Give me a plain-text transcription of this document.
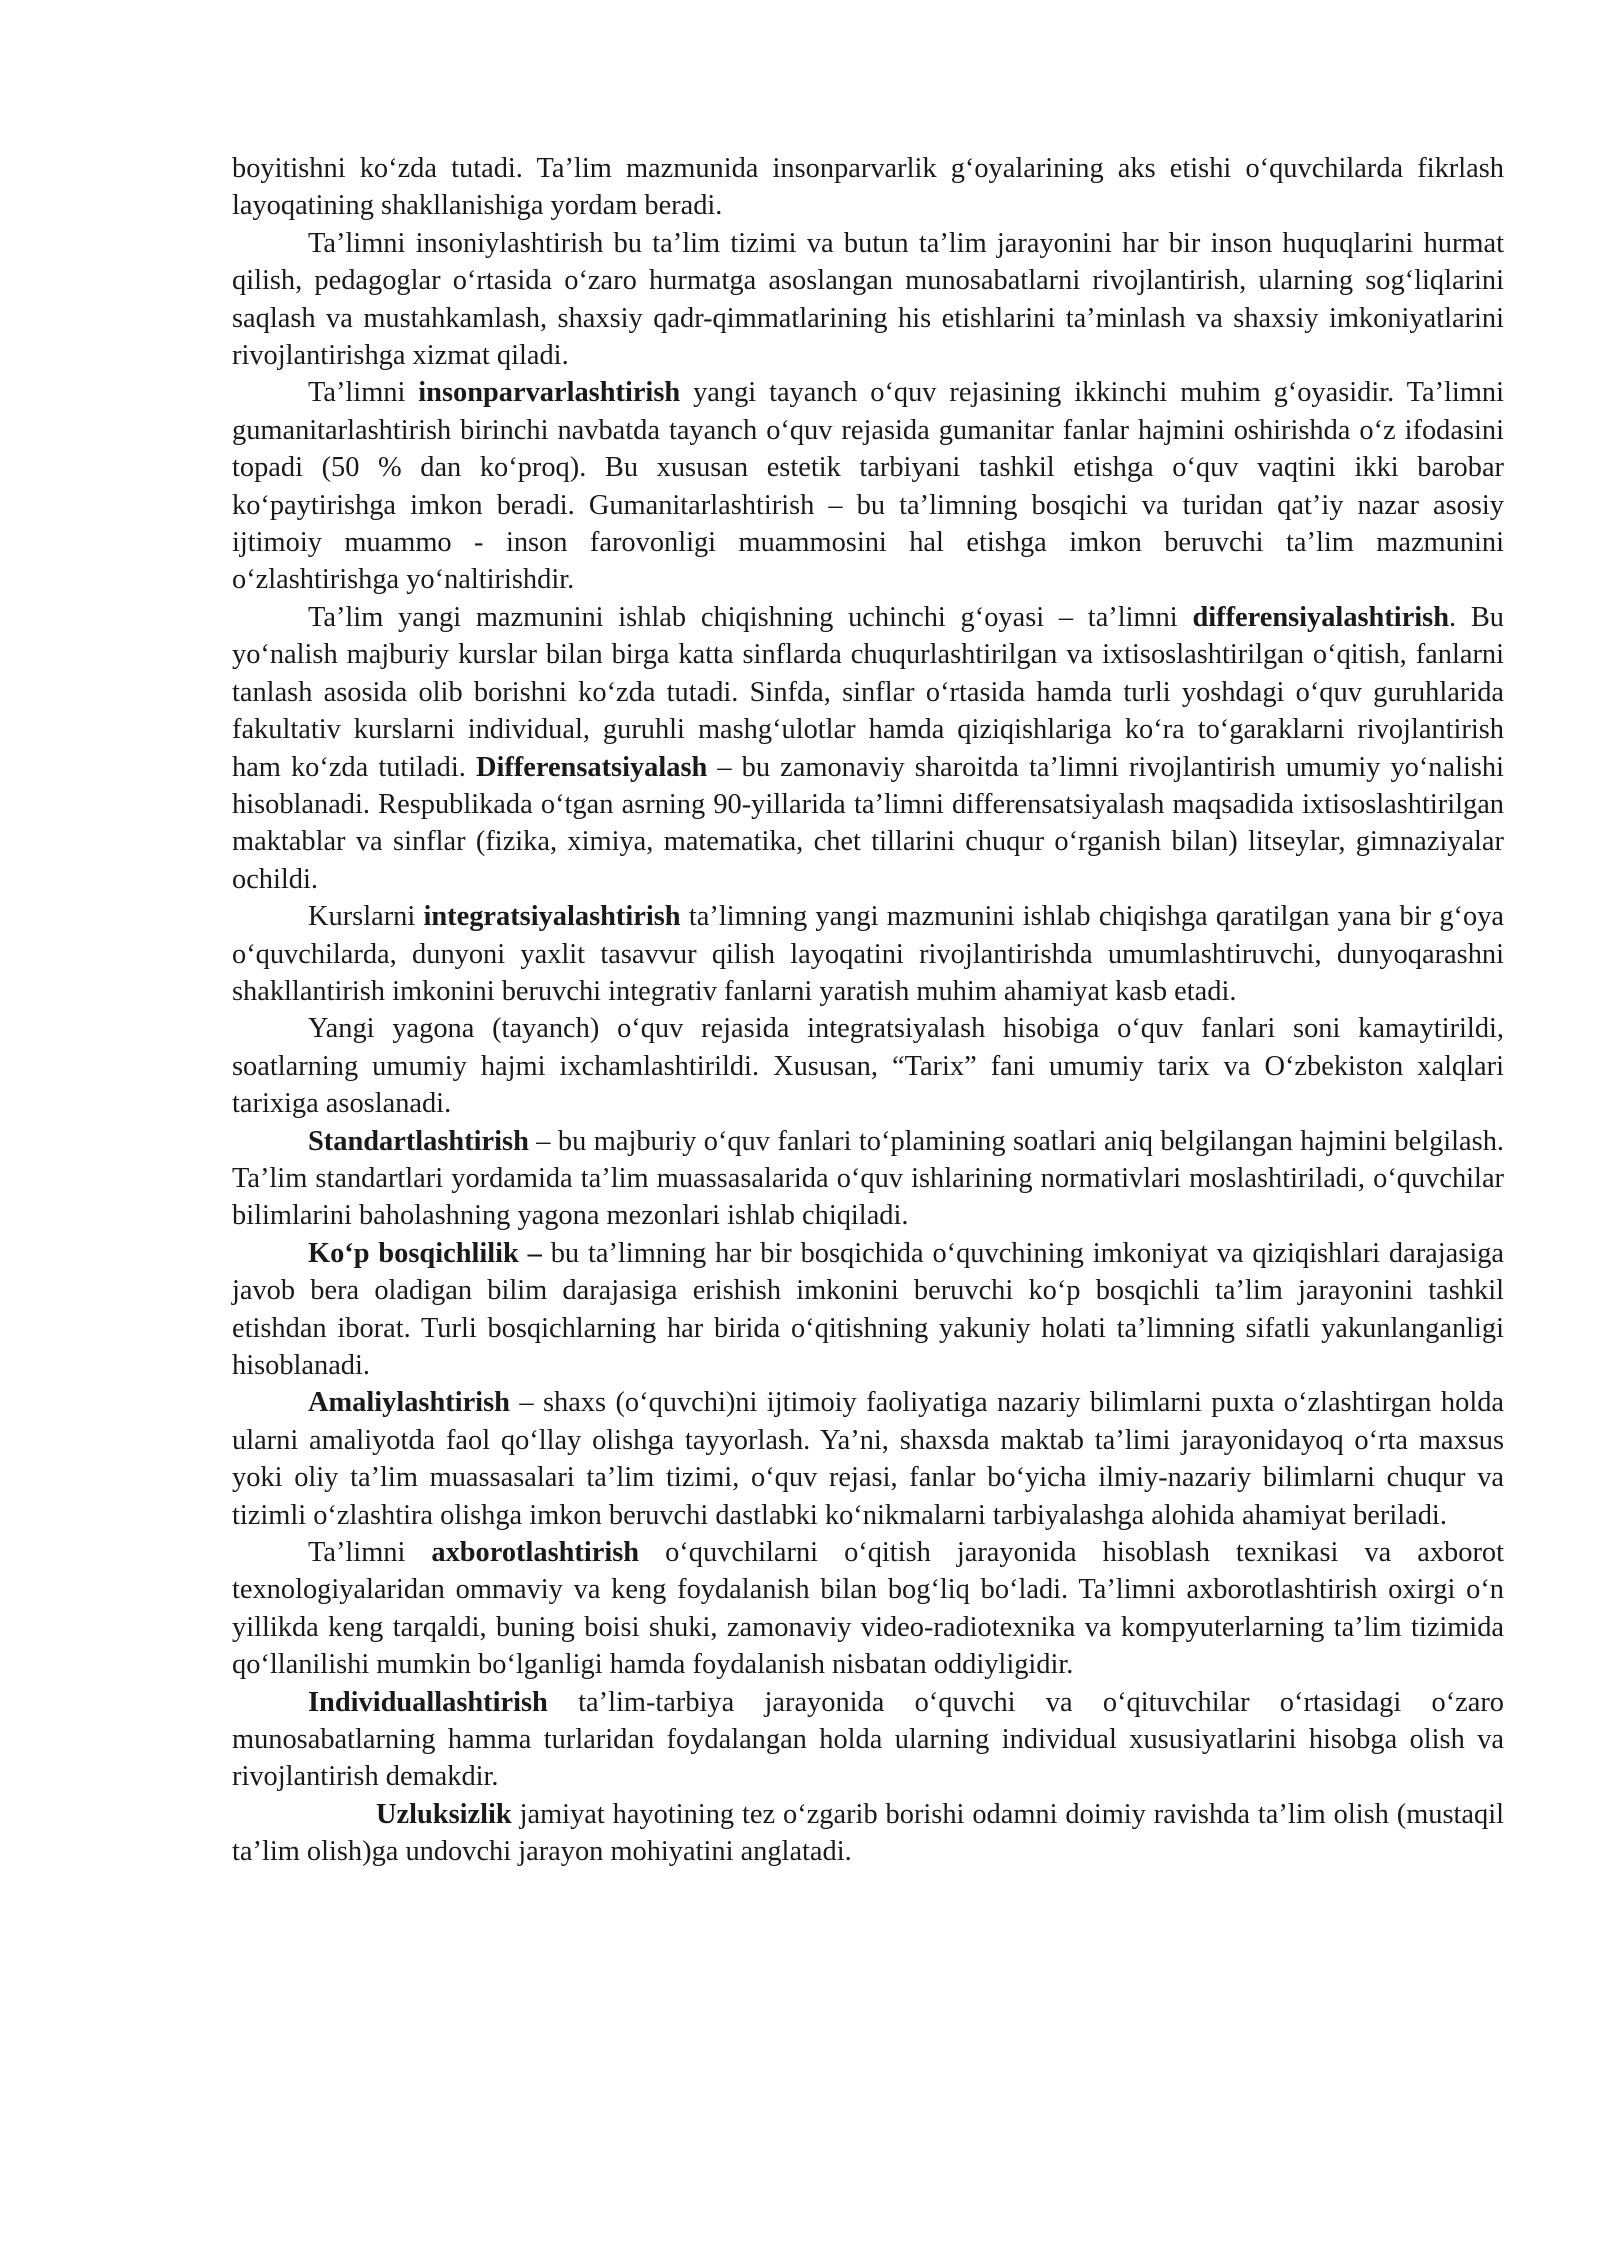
boyitishni ko‘zda tutadi. Ta’lim mazmunida insonparvarlik g‘oyalarining aks etishi o‘quvchilarda fikrlash layoqatining shakllanishiga yordam beradi.

Ta’limni insoniylashtirish bu ta’lim tizimi va butun ta’lim jarayonini har bir inson huquqlarini hurmat qilish, pedagoglar o‘rtasida o‘zaro hurmatga asoslangan munosabatlarni rivojlantirish, ularning sog‘liqlarini saqlash va mustahkamlash, shaxsiy qadr-qimmatlarining his etishlarini ta’minlash va shaxsiy imkoniyatlarini rivojlantirishga xizmat qiladi.

Ta’limni insonparvarlashtirish yangi tayanch o‘quv rejasining ikkinchi muhim g‘oyasidir. Ta’limni gumanitarlashtirish birinchi navbatda tayanch o‘quv rejasida gumanitar fanlar hajmini oshirishda o‘z ifodasini topadi (50 % dan ko‘proq). Bu xususan estetik tarbiyani tashkil etishga o‘quv vaqtini ikki barobar ko‘paytirishga imkon beradi. Gumanitarlashtirish – bu ta’limning bosqichi va turidan qat’iy nazar asosiy ijtimoiy muammo - inson farovonligi muammosini hal etishga imkon beruvchi ta’lim mazmunini o‘zlashtirishga yo‘naltirishdir.

Ta’lim yangi mazmunini ishlab chiqishning uchinchi g‘oyasi – ta’limni differensiyalashtirish. Bu yo‘nalish majburiy kurslar bilan birga katta sinflarda chuqurlashtirilgan va ixtisoslashtirilgan o‘qitish, fanlarni tanlash asosida olib borishni ko‘zda tutadi. Sinfda, sinflar o‘rtasida hamda turli yoshdagi o‘quv guruhlarida fakultativ kurslarni individual, guruhli mashg‘ulotlar hamda qiziqishlariga ko‘ra to‘garaklarni rivojlantirish ham ko‘zda tutiladi. Differensatsiyalash – bu zamonaviy sharoitda ta’limni rivojlantirish umumiy yo‘nalishi hisoblanadi. Respublikada o‘tgan asrning 90-yillarida ta’limni differensatsiyalash maqsadida ixtisoslashtirilgan maktablar va sinflar (fizika, ximiya, matematika, chet tillarini chuqur o‘rganish bilan) litseylar, gimnaziyalar ochildi.

Kurslarni integratsiyalashtirish ta’limning yangi mazmunini ishlab chiqishga qaratilgan yana bir g‘oya o‘quvchilarda, dunyoni yaxlit tasavvur qilish layoqatini rivojlantirishda umumlashtiruvchi, dunyoqarashni shakllantirish imkonini beruvchi integrativ fanlarni yaratish muhim ahamiyat kasb etadi.

Yangi yagona (tayanch) o‘quv rejasida integratsiyalash hisobiga o‘quv fanlari soni kamaytirildi, soatlarning umumiy hajmi ixchamlashtirildi. Xususan, “Tarix” fani umumiy tarix va O‘zbekiston xalqlari tarixiga asoslanadi.

Standartlashtirish – bu majburiy o‘quv fanlari to‘plamining soatlari aniq belgilangan hajmini belgilash. Ta’lim standartlari yordamida ta’lim muassasalarida o‘quv ishlarining normativlari moslashtiriladi, o‘quvchilar bilimlarini baholashning yagona mezonlari ishlab chiqiladi.

Ko‘p bosqichlilik – bu ta’limning har bir bosqichida o‘quvchining imkoniyat va qiziqishlari darajasiga javob bera oladigan bilim darajasiga erishish imkonini beruvchi ko‘p bosqichli ta’lim jarayonini tashkil etishdan iborat. Turli bosqichlarning har birida o‘qitishning yakuniy holati ta’limning sifatli yakunlanganligi hisoblanadi.

Amaliylashtirish – shaxs (o‘quvchi)ni ijtimoiy faoliyatiga nazariy bilimlarni puxta o‘zlashtirgan holda ularni amaliyotda faol qo‘llay olishga tayyorlash. Ya’ni, shaxsda maktab ta’limi jarayonidayoq o‘rta maxsus yoki oliy ta’lim muassasalari ta’lim tizimi, o‘quv rejasi, fanlar bo‘yicha ilmiy-nazariy bilimlarni chuqur va tizimli o‘zlashtira olishga imkon beruvchi dastlabki ko‘nikmalarni tarbiyalashga alohida ahamiyat beriladi.

Ta’limni axborotlashtirish o‘quvchilarni o‘qitish jarayonida hisoblash texnikasi va axborot texnologiyalaridan ommaviy va keng foydalanish bilan bog‘liq bo‘ladi. Ta’limni axborotlashtirish oxirgi o‘n yillikda keng tarqaldi, buning boisi shuki, zamonaviy video-radiotexnika va kompyuterlarning ta’lim tizimida qo‘llanilishi mumkin bo‘lganligi hamda foydalanish nisbatan oddiyligidir.

Individuallashtirish ta’lim-tarbiya jarayonida o‘quvchi va o‘qituvchilar o‘rtasidagi o‘zaro munosabatlarning hamma turlaridan foydalangan holda ularning individual xususiyatlarini hisobga olish va rivojlantirish demakdir.

Uzluksizlik jamiyat hayotining tez o‘zgarib borishi odamni doimiy ravishda ta’lim olish (mustaqil ta’lim olish)ga undovchi jarayon mohiyatini anglatadi.
